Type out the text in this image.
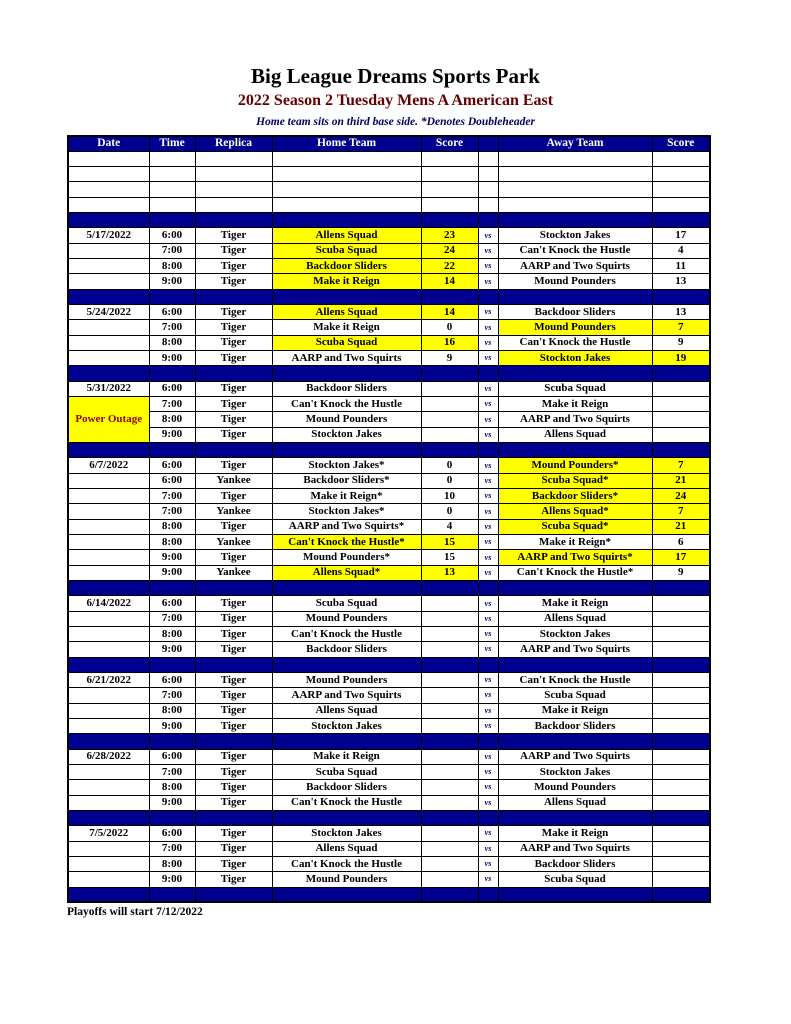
Big League Dreams Sports Park
2022 Season 2 Tuesday Mens A American East
Home team sits on third base side. *Denotes Doubleheader
Date	Time	Replica	Home Team	Score		Away Team	Score

5/17/2022	6:00	Tiger	Allens Squad	23	vs	Stockton Jakes	17
	7:00	Tiger	Scuba Squad	24	vs	Can't Knock the Hustle	4
	8:00	Tiger	Backdoor Sliders	22	vs	AARP and Two Squirts	11
	9:00	Tiger	Make it Reign	14	vs	Mound Pounders	13

5/24/2022	6:00	Tiger	Allens Squad	14	vs	Backdoor Sliders	13
	7:00	Tiger	Make it Reign	0	vs	Mound Pounders	7
	8:00	Tiger	Scuba Squad	16	vs	Can't Knock the Hustle	9
	9:00	Tiger	AARP and Two Squirts	9	vs	Stockton Jakes	19

5/31/2022	6:00	Tiger	Backdoor Sliders		vs	Scuba Squad	
Power Outage	7:00	Tiger	Can't Knock the Hustle		vs	Make it Reign	
	8:00	Tiger	Mound Pounders		vs	AARP and Two Squirts	
	9:00	Tiger	Stockton Jakes		vs	Allens Squad	

6/7/2022	6:00	Tiger	Stockton Jakes*	0	vs	Mound Pounders*	7
	6:00	Yankee	Backdoor Sliders*	0	vs	Scuba Squad*	21
	7:00	Tiger	Make it Reign*	10	vs	Backdoor Sliders*	24
	7:00	Yankee	Stockton Jakes*	0	vs	Allens Squad*	7
	8:00	Tiger	AARP and Two Squirts*	4	vs	Scuba Squad*	21
	8:00	Yankee	Can't Knock the Hustle*	15	vs	Make it Reign*	6
	9:00	Tiger	Mound Pounders*	15	vs	AARP and Two Squirts*	17
	9:00	Yankee	Allens Squad*	13	vs	Can't Knock the Hustle*	9

6/14/2022	6:00	Tiger	Scuba Squad		vs	Make it Reign	
	7:00	Tiger	Mound Pounders		vs	Allens Squad	
	8:00	Tiger	Can't Knock the Hustle		vs	Stockton Jakes	
	9:00	Tiger	Backdoor Sliders		vs	AARP and Two Squirts	

6/21/2022	6:00	Tiger	Mound Pounders		vs	Can't Knock the Hustle	
	7:00	Tiger	AARP and Two Squirts		vs	Scuba Squad	
	8:00	Tiger	Allens Squad		vs	Make it Reign	
	9:00	Tiger	Stockton Jakes		vs	Backdoor Sliders	

6/28/2022	6:00	Tiger	Make it Reign		vs	AARP and Two Squirts	
	7:00	Tiger	Scuba Squad		vs	Stockton Jakes	
	8:00	Tiger	Backdoor Sliders		vs	Mound Pounders	
	9:00	Tiger	Can't Knock the Hustle		vs	Allens Squad	

7/5/2022	6:00	Tiger	Stockton Jakes		vs	Make it Reign	
	7:00	Tiger	Allens Squad		vs	AARP and Two Squirts	
	8:00	Tiger	Can't Knock the Hustle		vs	Backdoor Sliders	
	9:00	Tiger	Mound Pounders		vs	Scuba Squad	

Playoffs will start 7/12/2022
